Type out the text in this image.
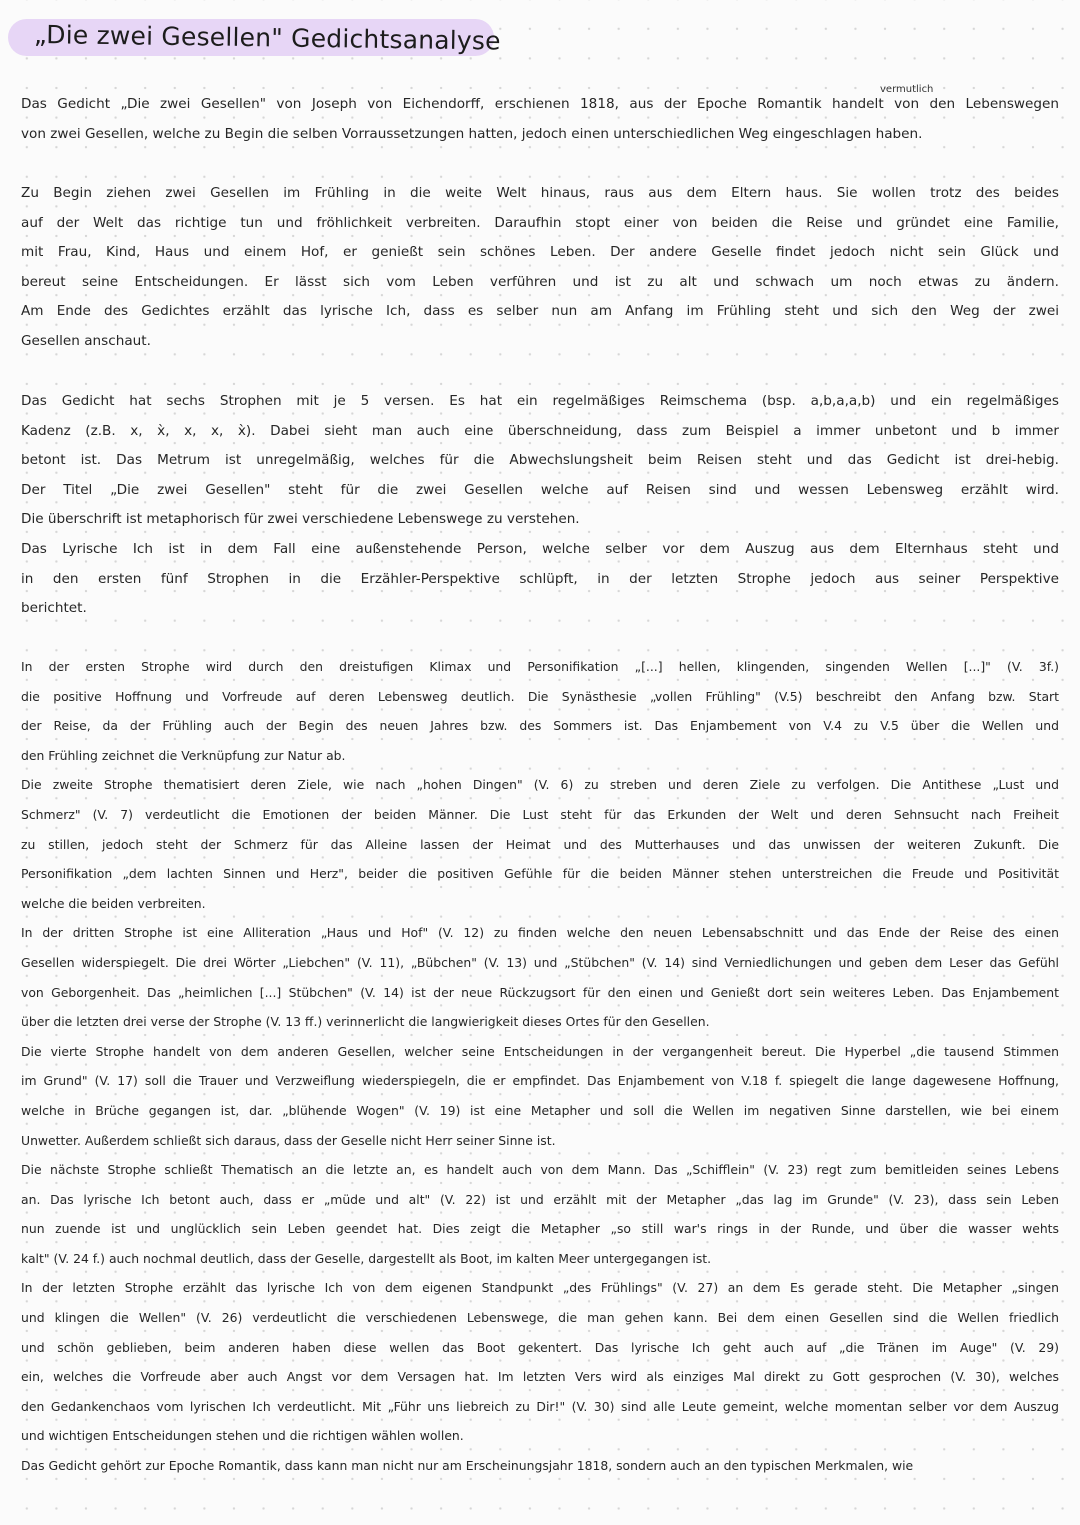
„Die zwei Gesellen" Gedichtsanalyse
vermutlich
Das Gedicht „Die zwei Gesellen" von Joseph von Eichendorff, erschienen 1818, aus der Epoche Romantik handelt von den Lebenswegen
von zwei Gesellen, welche zu Begin die selben Vorraussetzungen hatten, jedoch einen unterschiedlichen Weg eingeschlagen haben.
Zu Begin ziehen zwei Gesellen im Frühling in die weite Welt hinaus, raus aus dem Eltern haus. Sie wollen trotz des beides
auf der Welt das richtige tun und fröhlichkeit verbreiten. Daraufhin stopt einer von beiden die Reise und gründet eine Familie,
mit Frau, Kind, Haus und einem Hof, er genießt sein schönes Leben. Der andere Geselle findet jedoch nicht sein Glück und
bereut seine Entscheidungen. Er lässt sich vom Leben verführen und ist zu alt und schwach um noch etwas zu ändern.
Am Ende des Gedichtes erzählt das lyrische Ich, dass es selber nun am Anfang im Frühling steht und sich den Weg der zwei
Gesellen anschaut.
Das Gedicht hat sechs Strophen mit je 5 versen. Es hat ein regelmäßiges Reimschema (bsp. a,b,a,a,b) und ein regelmäßiges
Kadenz (z.B. x, x̀, x, x, x̀). Dabei sieht man auch eine überschneidung, dass zum Beispiel a immer unbetont und b immer
betont ist. Das Metrum ist unregelmäßig, welches für die Abwechslungsheit beim Reisen steht und das Gedicht ist drei-hebig.
Der Titel „Die zwei Gesellen" steht für die zwei Gesellen welche auf Reisen sind und wessen Lebensweg erzählt wird.
Die überschrift ist metaphorisch für zwei verschiedene Lebenswege zu verstehen.
Das Lyrische Ich ist in dem Fall eine außenstehende Person, welche selber vor dem Auszug aus dem Elternhaus steht und
in den ersten fünf Strophen in die Erzähler-Perspektive schlüpft, in der letzten Strophe jedoch aus seiner Perspektive
berichtet.
In der ersten Strophe wird durch den dreistufigen Klimax und Personifikation „[...] hellen, klingenden, singenden Wellen [...]" (V. 3f.)
die positive Hoffnung und Vorfreude auf deren Lebensweg deutlich. Die Synästhesie „vollen Frühling" (V.5) beschreibt den Anfang bzw. Start
der Reise, da der Frühling auch der Begin des neuen Jahres bzw. des Sommers ist. Das Enjambement von V.4 zu V.5 über die Wellen und
den Frühling zeichnet die Verknüpfung zur Natur ab.
Die zweite Strophe thematisiert deren Ziele, wie nach „hohen Dingen" (V. 6) zu streben und deren Ziele zu verfolgen. Die Antithese „Lust und
Schmerz" (V. 7) verdeutlicht die Emotionen der beiden Männer. Die Lust steht für das Erkunden der Welt und deren Sehnsucht nach Freiheit
zu stillen, jedoch steht der Schmerz für das Alleine lassen der Heimat und des Mutterhauses und das unwissen der weiteren Zukunft. Die
Personifikation „dem lachten Sinnen und Herz", beider die positiven Gefühle für die beiden Männer stehen unterstreichen die Freude und Positivität
welche die beiden verbreiten.
In der dritten Strophe ist eine Alliteration „Haus und Hof" (V. 12) zu finden welche den neuen Lebensabschnitt und das Ende der Reise des einen
Gesellen widerspiegelt. Die drei Wörter „Liebchen" (V. 11), „Bübchen" (V. 13) und „Stübchen" (V. 14) sind Verniedlichungen und geben dem Leser das Gefühl
von Geborgenheit. Das „heimlichen [...] Stübchen" (V. 14) ist der neue Rückzugsort für den einen und Genießt dort sein weiteres Leben. Das Enjambement
über die letzten drei verse der Strophe (V. 13 ff.) verinnerlicht die langwierigkeit dieses Ortes für den Gesellen.
Die vierte Strophe handelt von dem anderen Gesellen, welcher seine Entscheidungen in der vergangenheit bereut. Die Hyperbel „die tausend Stimmen
im Grund" (V. 17) soll die Trauer und Verzweiflung wiederspiegeln, die er empfindet. Das Enjambement von V.18 f. spiegelt die lange dagewesene Hoffnung,
welche in Brüche gegangen ist, dar. „blühende Wogen" (V. 19) ist eine Metapher und soll die Wellen im negativen Sinne darstellen, wie bei einem
Unwetter. Außerdem schließt sich daraus, dass der Geselle nicht Herr seiner Sinne ist.
Die nächste Strophe schließt Thematisch an die letzte an, es handelt auch von dem Mann. Das „Schifflein" (V. 23) regt zum bemitleiden seines Lebens
an. Das lyrische Ich betont auch, dass er „müde und alt" (V. 22) ist und erzählt mit der Metapher „das lag im Grunde" (V. 23), dass sein Leben
nun zuende ist und unglücklich sein Leben geendet hat. Dies zeigt die Metapher „so still war's rings in der Runde, und über die wasser wehts
kalt" (V. 24 f.) auch nochmal deutlich, dass der Geselle, dargestellt als Boot, im kalten Meer untergegangen ist.
In der letzten Strophe erzählt das lyrische Ich von dem eigenen Standpunkt „des Frühlings" (V. 27) an dem Es gerade steht. Die Metapher „singen
und klingen die Wellen" (V. 26) verdeutlicht die verschiedenen Lebenswege, die man gehen kann. Bei dem einen Gesellen sind die Wellen friedlich
und schön geblieben, beim anderen haben diese wellen das Boot gekentert. Das lyrische Ich geht auch auf „die Tränen im Auge" (V. 29)
ein, welches die Vorfreude aber auch Angst vor dem Versagen hat. Im letzten Vers wird als einziges Mal direkt zu Gott gesprochen (V. 30), welches
den Gedankenchaos vom lyrischen Ich verdeutlicht. Mit „Führ uns liebreich zu Dir!" (V. 30) sind alle Leute gemeint, welche momentan selber vor dem Auszug
und wichtigen Entscheidungen stehen und die richtigen wählen wollen.
Das Gedicht gehört zur Epoche Romantik, dass kann man nicht nur am Erscheinungsjahr 1818, sondern auch an den typischen Merkmalen, wie
